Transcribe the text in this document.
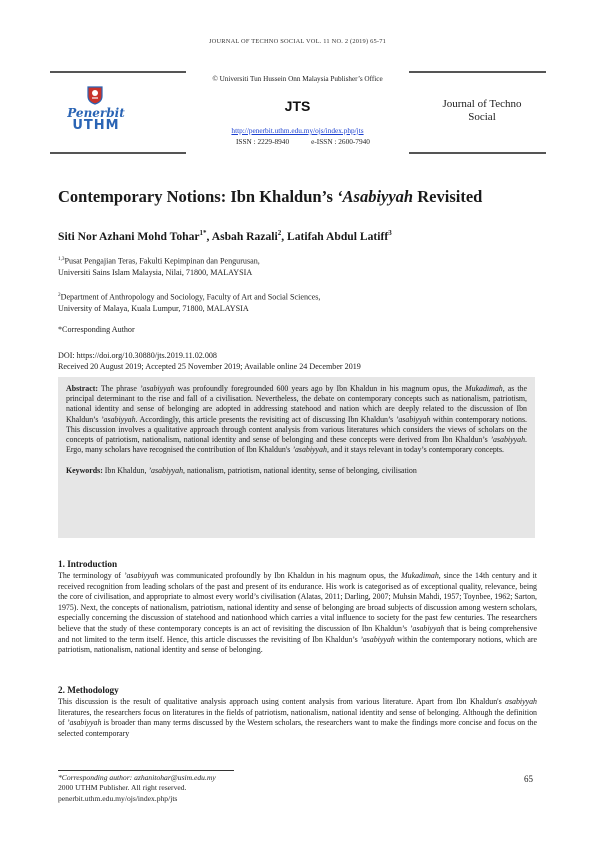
JOURNAL OF TECHNO SOCIAL VOL. 11 NO. 2 (2019) 65-71
© Universiti Tun Hussein Onn Malaysia Publisher’s Office
Penerbit
UTHM
JTS
http://penerbit.uthm.edu.my/ojs/index.php/jts
ISSN : 2229-8940	e-ISSN : 2600-7940
Journal of Techno Social
Contemporary Notions: Ibn Khaldun’s ‘Asabiyyah Revisited
Siti Nor Azhani Mohd Tohar$^{1*}$, Asbah Razali$^2$, Latifah Abdul Latiff$^3$
$^{1,3}$Pusat Pengajian Teras, Fakulti Kepimpinan dan Pengurusan,
Universiti Sains Islam Malaysia, Nilai, 71800, MALAYSIA
$^2$Department of Anthropology and Sociology, Faculty of Art and Social Sciences,
University of Malaya, Kuala Lumpur, 71800, MALAYSIA
*Corresponding Author
DOI: https://doi.org/10.30880/jts.2019.11.02.008
Received 20 August 2019; Accepted 25 November 2019; Available online 24 December 2019

Abstract: The phrase ’asabiyyah was profoundly foregrounded 600 years ago by Ibn Khaldun in his magnum opus, the Mukadimah, as the principal determinant to the rise and fall of a civilisation. Nevertheless, the debate on contemporary concepts such as nationalism, patriotism, national identity and sense of belonging are adopted in addressing statehood and nation which are deeply related to the discussion of Ibn Khaldun’s ’asabiyyah. Accordingly, this article presents the revisiting act of discussing Ibn Khaldun’s ’asabiyyah within contemporary notions. This discussion involves a qualitative approach through content analysis from various literatures which considers the views of scholars on the concepts of patriotism, nationalism, national identity and sense of belonging and these concepts were derived from Ibn Khaldun’s ’asabiyyah. Ergo, many scholars have recognised the contribution of Ibn Khaldun's ’asabiyyah, and it stays relevant in today’s contemporary concepts.

Keywords: Ibn Khaldun, ’asabiyyah, nationalism, patriotism, national identity, sense of belonging, civilisation

1. Introduction

The terminology of ’asabiyyah was communicated profoundly by Ibn Khaldun in his magnum opus, the Mukadimah, since the 14th century and it received recognition from leading scholars of the past and present of its endurance. His work is categorised as of exceptional quality, relevance, being the core of civilisation, and appropriate to almost every world’s civilisation (Alatas, 2011; Darling, 2007; Muhsin Mahdi, 1957; Toynbee, 1962; Sarton, 1975). Next, the concepts of nationalism, patriotism, national identity and sense of belonging are broad subjects of discussion among western scholars, especially concerning the discussion of statehood and nationhood which carries a vital influence to society for the past few centuries. The researchers believe that the study of these contemporary concepts is an act of revisiting the discussion of Ibn Khaldun’s ’asabiyyah that is being comprehensive and not limited to the term itself. Hence, this article discusses the revisiting of Ibn Khaldun’s ’asabiyyah within the contemporary notions, which are patriotism, nationalism, national identity and sense of belonging.

2. Methodology

This discussion is the result of qualitative analysis approach using content analysis from various literature. Apart from Ibn Khaldun's asabiyyah literatures, the researchers focus on literatures in the fields of patriotism, nationalism, national identity and sense of belonging. Although the definition of ’asabiyyah is broader than many terms discussed by the Western scholars, the researchers want to make the findings more concise and focus on the selected contemporary

*Corresponding author: azhanitohar@usim.edu.my
2000 UTHM Publisher. All right reserved.
penerbit.uthm.edu.my/ojs/index.php/jts
65
